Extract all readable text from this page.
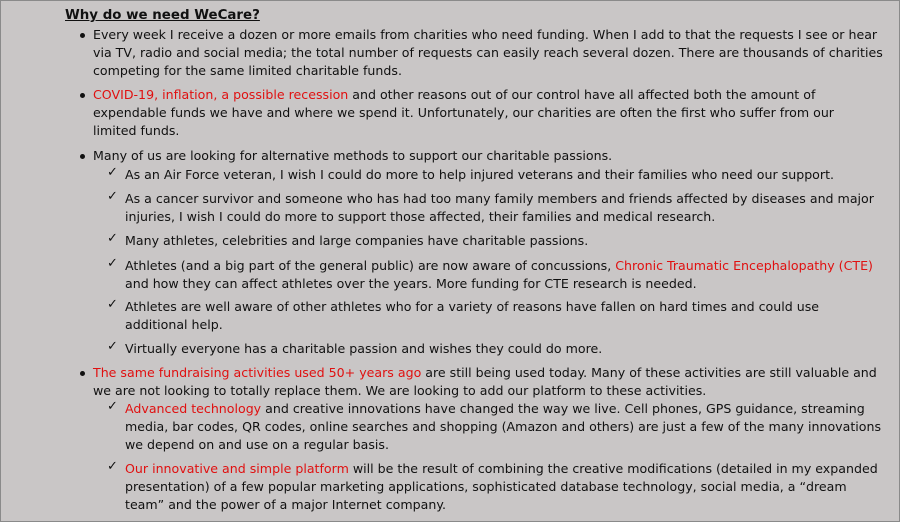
Why do we need WeCare?
Every week I receive a dozen or more emails from charities who need funding. When I add to that the requests I see or hear
via TV, radio and social media; the total number of requests can easily reach several dozen. There are thousands of charities
competing for the same limited charitable funds.
COVID-19, inflation, a possible recession and other reasons out of our control have all affected both the amount of
expendable funds we have and where we spend it. Unfortunately, our charities are often the first who suffer from our
limited funds.
Many of us are looking for alternative methods to support our charitable passions.
✓ As an Air Force veteran, I wish I could do more to help injured veterans and their families who need our support.
✓ As a cancer survivor and someone who has had too many family members and friends affected by diseases and major
injuries, I wish I could do more to support those affected, their families and medical research.
✓ Many athletes, celebrities and large companies have charitable passions.
✓ Athletes (and a big part of the general public) are now aware of concussions, Chronic Traumatic Encephalopathy (CTE)
and how they can affect athletes over the years. More funding for CTE research is needed.
✓ Athletes are well aware of other athletes who for a variety of reasons have fallen on hard times and could use
additional help.
✓ Virtually everyone has a charitable passion and wishes they could do more.
The same fundraising activities used 50+ years ago are still being used today. Many of these activities are still valuable and
we are not looking to totally replace them. We are looking to add our platform to these activities.
✓ Advanced technology and creative innovations have changed the way we live. Cell phones, GPS guidance, streaming
media, bar codes, QR codes, online searches and shopping (Amazon and others) are just a few of the many innovations
we depend on and use on a regular basis.
✓ Our innovative and simple platform will be the result of combining the creative modifications (detailed in my expanded
presentation) of a few popular marketing applications, sophisticated database technology, social media, a “dream
team” and the power of a major Internet company.
